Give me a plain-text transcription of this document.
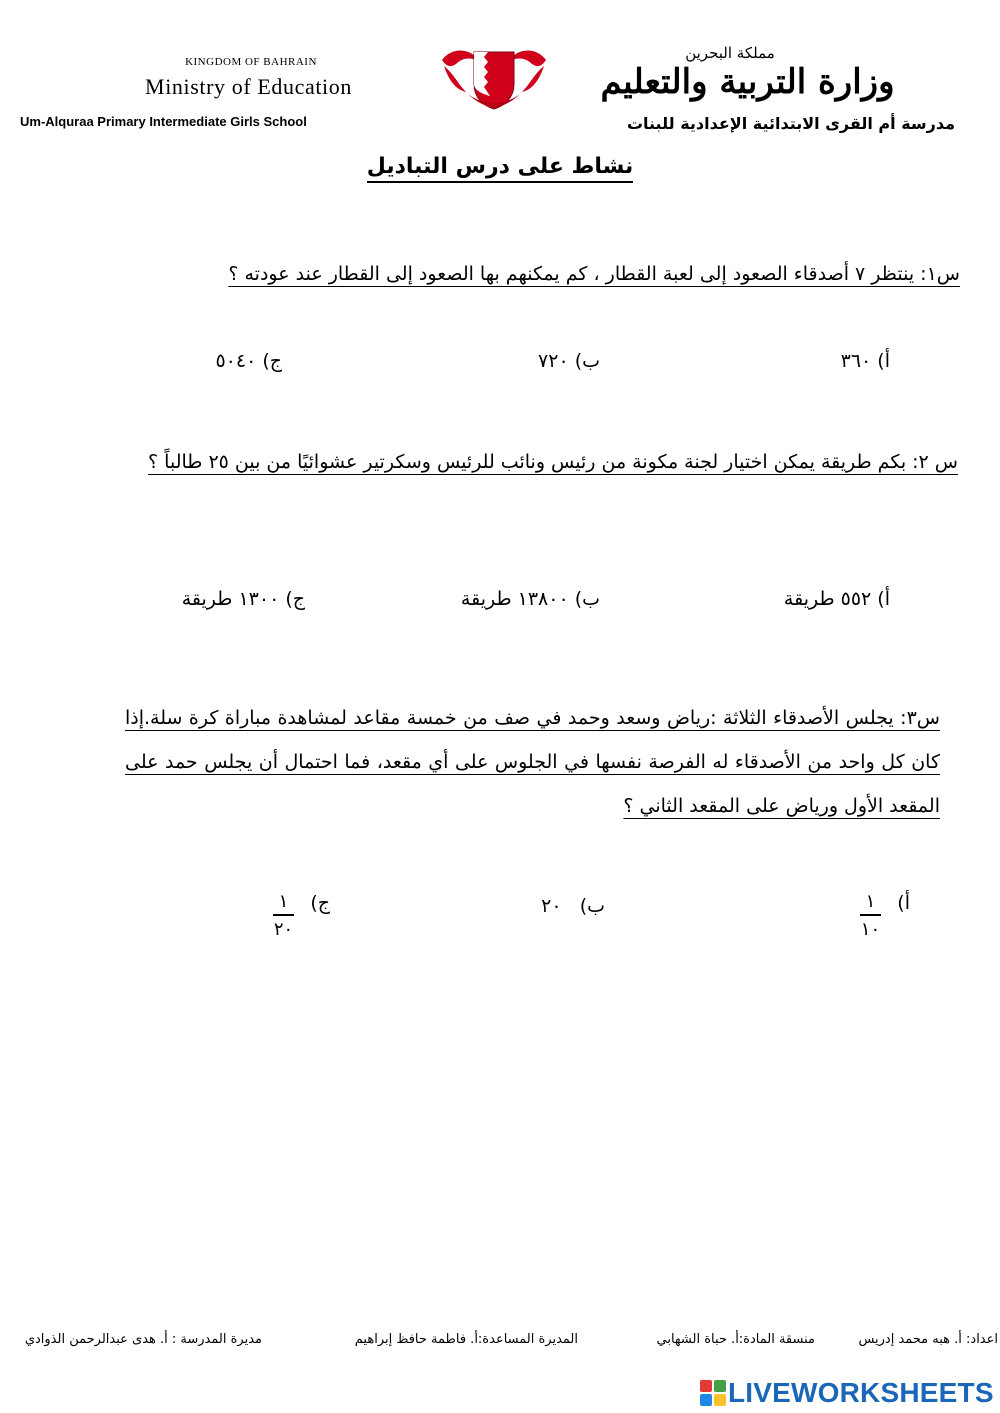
KINGDOM OF BAHRAIN
Ministry of Education
Um-Alquraa Primary Intermediate Girls School
مملكة البحرين
وزارة التربية والتعليم
مدرسة أم القرى الابتدائية الإعدادية للبنات
نشاط على درس التباديل
س١: ينتظر ٧ أصدقاء الصعود إلى لعبة القطار ، كم يمكنهم بها الصعود إلى القطار عند عودته ؟
أ) ٣٦٠
ب) ٧٢٠
ج) ٥٠٤٠
س ٢: بكم طريقة يمكن اختيار لجنة مكونة من رئيس ونائب للرئيس وسكرتير عشوائيًا من بين ٢٥ طالباً ؟
أ) ٥٥٢ طريقة
ب) ١٣٨٠٠ طريقة
ج) ١٣٠٠ طريقة
س٣: يجلس الأصدقاء الثلاثة :رياض وسعد وحمد في صف من خمسة مقاعد لمشاهدة مباراة كرة سلة.إذا كان كل واحد من الأصدقاء له الفرصة نفسها في الجلوس على أي مقعد، فما احتمال أن يجلس حمد على المقعد الأول ورياض على المقعد الثاني ؟
أ)
$\frac{١}{١٠}$
ب)   ٢٠
ج)
$\frac{١}{٢٠}$
اعداد: أ. هبه محمد إدريس
منسقة المادة:أ. حباة الشهابي
المديرة المساعدة:أ. فاطمة حافظ إبراهيم
مديرة المدرسة : أ. هدى عبدالرحمن الذوادي
LIVEWORKSHEETS
